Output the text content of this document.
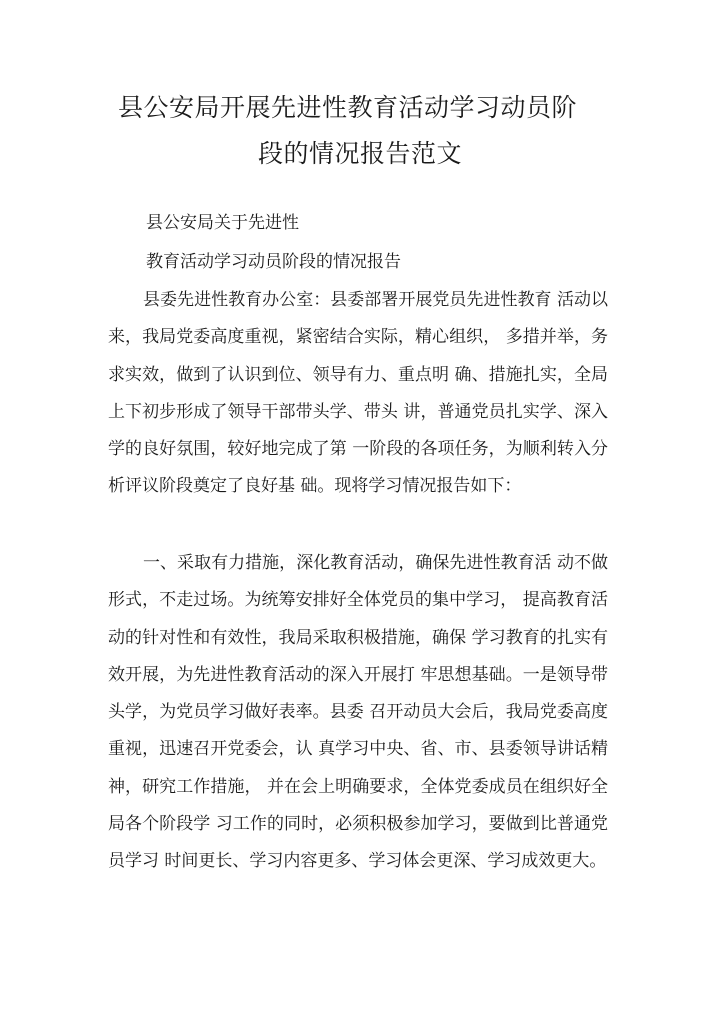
县公安局开展先进性教育活动学习动员阶
段的情况报告范文
县公安局关于先进性
教育活动学习动员阶段的情况报告

县委先进性教育办公室：县委部署开展党员先进性教育 活动以来，我局党委高度重视，紧密结合实际，精心组织， 多措并举，务求实效，做到了认识到位、领导有力、重点明 确、措施扎实，全局上下初步形成了领导干部带头学、带头 讲，普通党员扎实学、深入学的良好氛围，较好地完成了第 一阶段的各项任务，为顺利转入分析评议阶段奠定了良好基 础。现将学习情况报告如下：

一、采取有力措施，深化教育活动，确保先进性教育活 动不做形式，不走过场。为统筹安排好全体党员的集中学习， 提高教育活动的针对性和有效性，我局采取积极措施，确保 学习教育的扎实有效开展，为先进性教育活动的深入开展打 牢思想基础。一是领导带头学，为党员学习做好表率。县委 召开动员大会后，我局党委高度重视，迅速召开党委会，认 真学习中央、省、市、县委领导讲话精神，研究工作措施， 并在会上明确要求，全体党委成员在组织好全局各个阶段学 习工作的同时，必须积极参加学习，要做到比普通党员学习 时间更长、学习内容更多、学习体会更深、学习成效更大。
